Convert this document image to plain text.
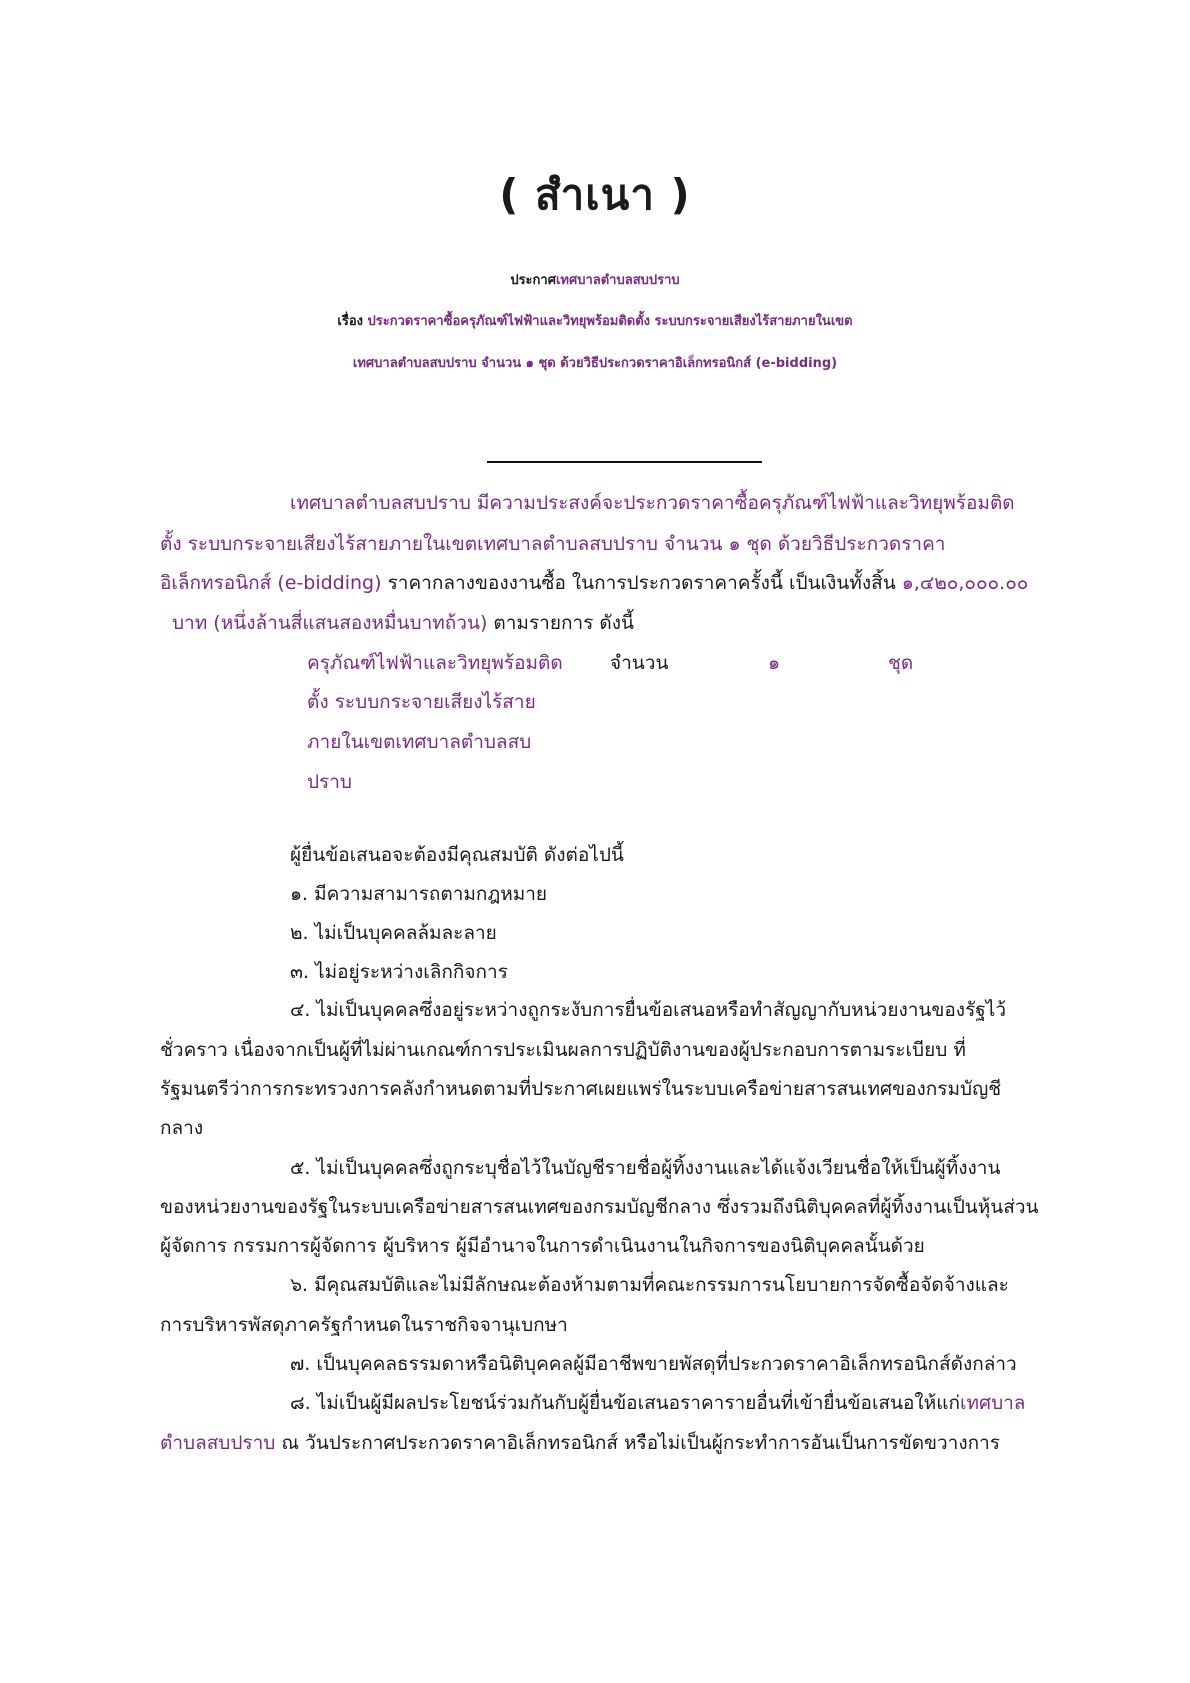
( สำเนา )
ประกาศเทศบาลตำบลสบปราบ
เรื่อง ประกวดราคาซื้อครุภัณฑ์ไฟฟ้าและวิทยุพร้อมติดตั้ง ระบบกระจายเสียงไร้สายภายในเขต
เทศบาลตำบลสบปราบ จำนวน ๑ ชุด ด้วยวิธีประกวดราคาอิเล็กทรอนิกส์ (e-bidding)
เทศบาลตำบลสบปราบ มีความประสงค์จะประกวดราคาซื้อครุภัณฑ์ไฟฟ้าและวิทยุพร้อมติด
ตั้ง ระบบกระจายเสียงไร้สายภายในเขตเทศบาลตำบลสบปราบ จำนวน ๑ ชุด ด้วยวิธีประกวดราคา
อิเล็กทรอนิกส์ (e-bidding) ราคากลางของงานซื้อ ในการประกวดราคาครั้งนี้ เป็นเงินทั้งสิ้น ๑,๔๒๐,๐๐๐.๐๐
บาท (หนึ่งล้านสี่แสนสองหมื่นบาทถ้วน) ตามรายการ ดังนี้
ครุภัณฑ์ไฟฟ้าและวิทยุพร้อมติด
ตั้ง ระบบกระจายเสียงไร้สาย
ภายในเขตเทศบาลตำบลสบ
ปราบ
จำนวน	๑	ชุด
ผู้ยื่นข้อเสนอจะต้องมีคุณสมบัติ ดังต่อไปนี้
๑. มีความสามารถตามกฎหมาย
๒. ไม่เป็นบุคคลล้มละลาย
๓. ไม่อยู่ระหว่างเลิกกิจการ
๔. ไม่เป็นบุคคลซึ่งอยู่ระหว่างถูกระงับการยื่นข้อเสนอหรือทำสัญญากับหน่วยงานของรัฐไว้
ชั่วคราว เนื่องจากเป็นผู้ที่ไม่ผ่านเกณฑ์การประเมินผลการปฏิบัติงานของผู้ประกอบการตามระเบียบ ที่
รัฐมนตรีว่าการกระทรวงการคลังกำหนดตามที่ประกาศเผยแพร่ในระบบเครือข่ายสารสนเทศของกรมบัญชี
กลาง
๕. ไม่เป็นบุคคลซึ่งถูกระบุชื่อไว้ในบัญชีรายชื่อผู้ทิ้งงานและได้แจ้งเวียนชื่อให้เป็นผู้ทิ้งงาน
ของหน่วยงานของรัฐในระบบเครือข่ายสารสนเทศของกรมบัญชีกลาง ซึ่งรวมถึงนิติบุคคลที่ผู้ทิ้งงานเป็นหุ้นส่วน
ผู้จัดการ กรรมการผู้จัดการ ผู้บริหาร ผู้มีอำนาจในการดำเนินงานในกิจการของนิติบุคคลนั้นด้วย
๖. มีคุณสมบัติและไม่มีลักษณะต้องห้ามตามที่คณะกรรมการนโยบายการจัดซื้อจัดจ้างและ
การบริหารพัสดุภาครัฐกำหนดในราชกิจจานุเบกษา
๗. เป็นบุคคลธรรมดาหรือนิติบุคคลผู้มีอาชีพขายพัสดุที่ประกวดราคาอิเล็กทรอนิกส์ดังกล่าว
๘. ไม่เป็นผู้มีผลประโยชน์ร่วมกันกับผู้ยื่นข้อเสนอราคารายอื่นที่เข้ายื่นข้อเสนอให้แก่เทศบาล
ตำบลสบปราบ ณ วันประกาศประกวดราคาอิเล็กทรอนิกส์ หรือไม่เป็นผู้กระทำการอันเป็นการขัดขวางการ
